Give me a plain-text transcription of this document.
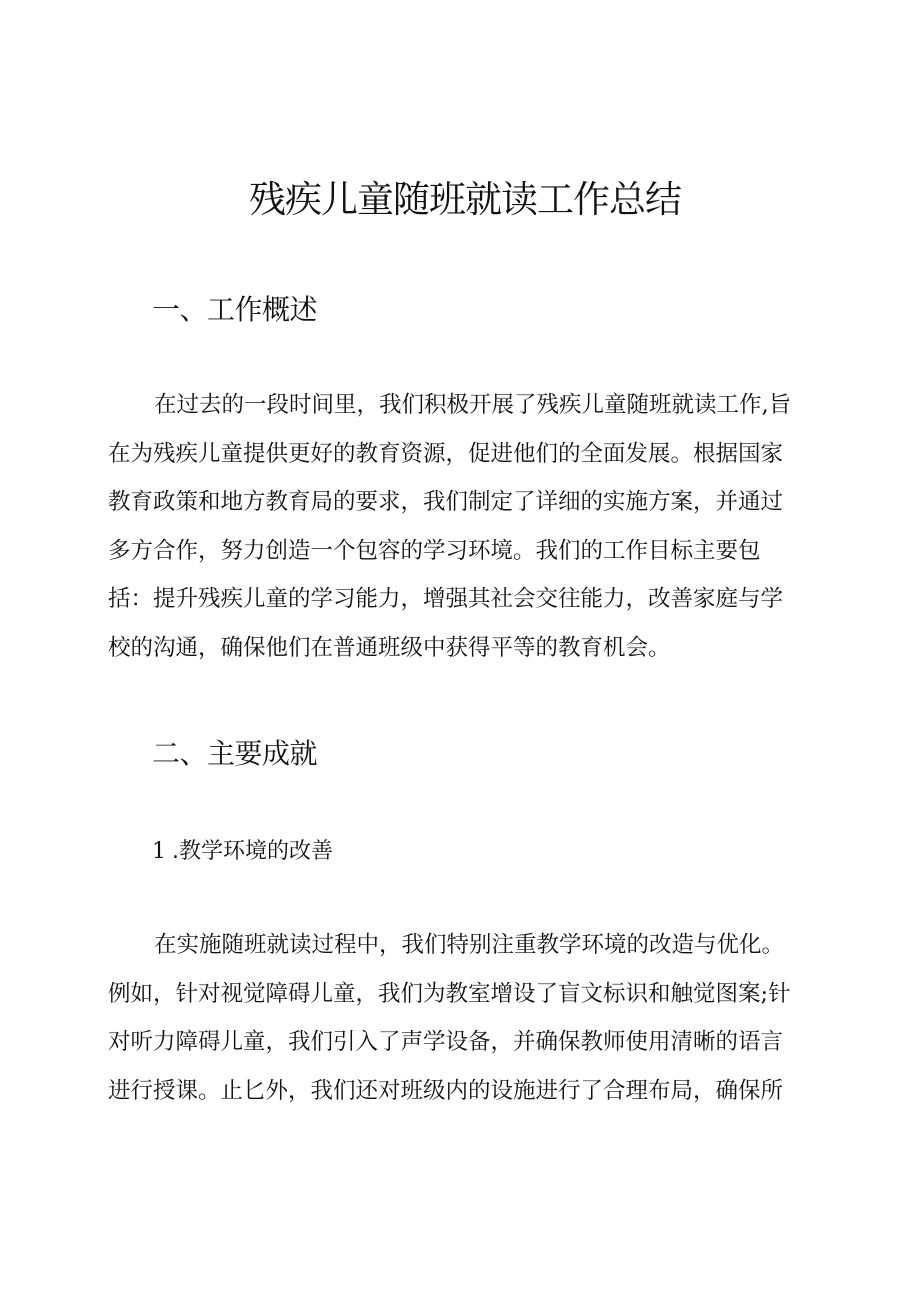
残疾儿童随班就读工作总结
一、工作概述
在过去的一段时间里，我们积极开展了残疾儿童随班就读工作,旨
在为残疾儿童提供更好的教育资源，促进他们的全面发展。根据国家
教育政策和地方教育局的要求，我们制定了详细的实施方案，并通过
多方合作，努力创造一个包容的学习环境。我们的工作目标主要包
括：提升残疾儿童的学习能力，增强其社会交往能力，改善家庭与学
校的沟通，确保他们在普通班级中获得平等的教育机会。
二、主要成就
1 .教学环境的改善
在实施随班就读过程中，我们特别注重教学环境的改造与优化。
例如，针对视觉障碍儿童，我们为教室增设了盲文标识和触觉图案;针
对听力障碍儿童，我们引入了声学设备，并确保教师使用清晰的语言
进行授课。止匕外，我们还对班级内的设施进行了合理布局，确保所
